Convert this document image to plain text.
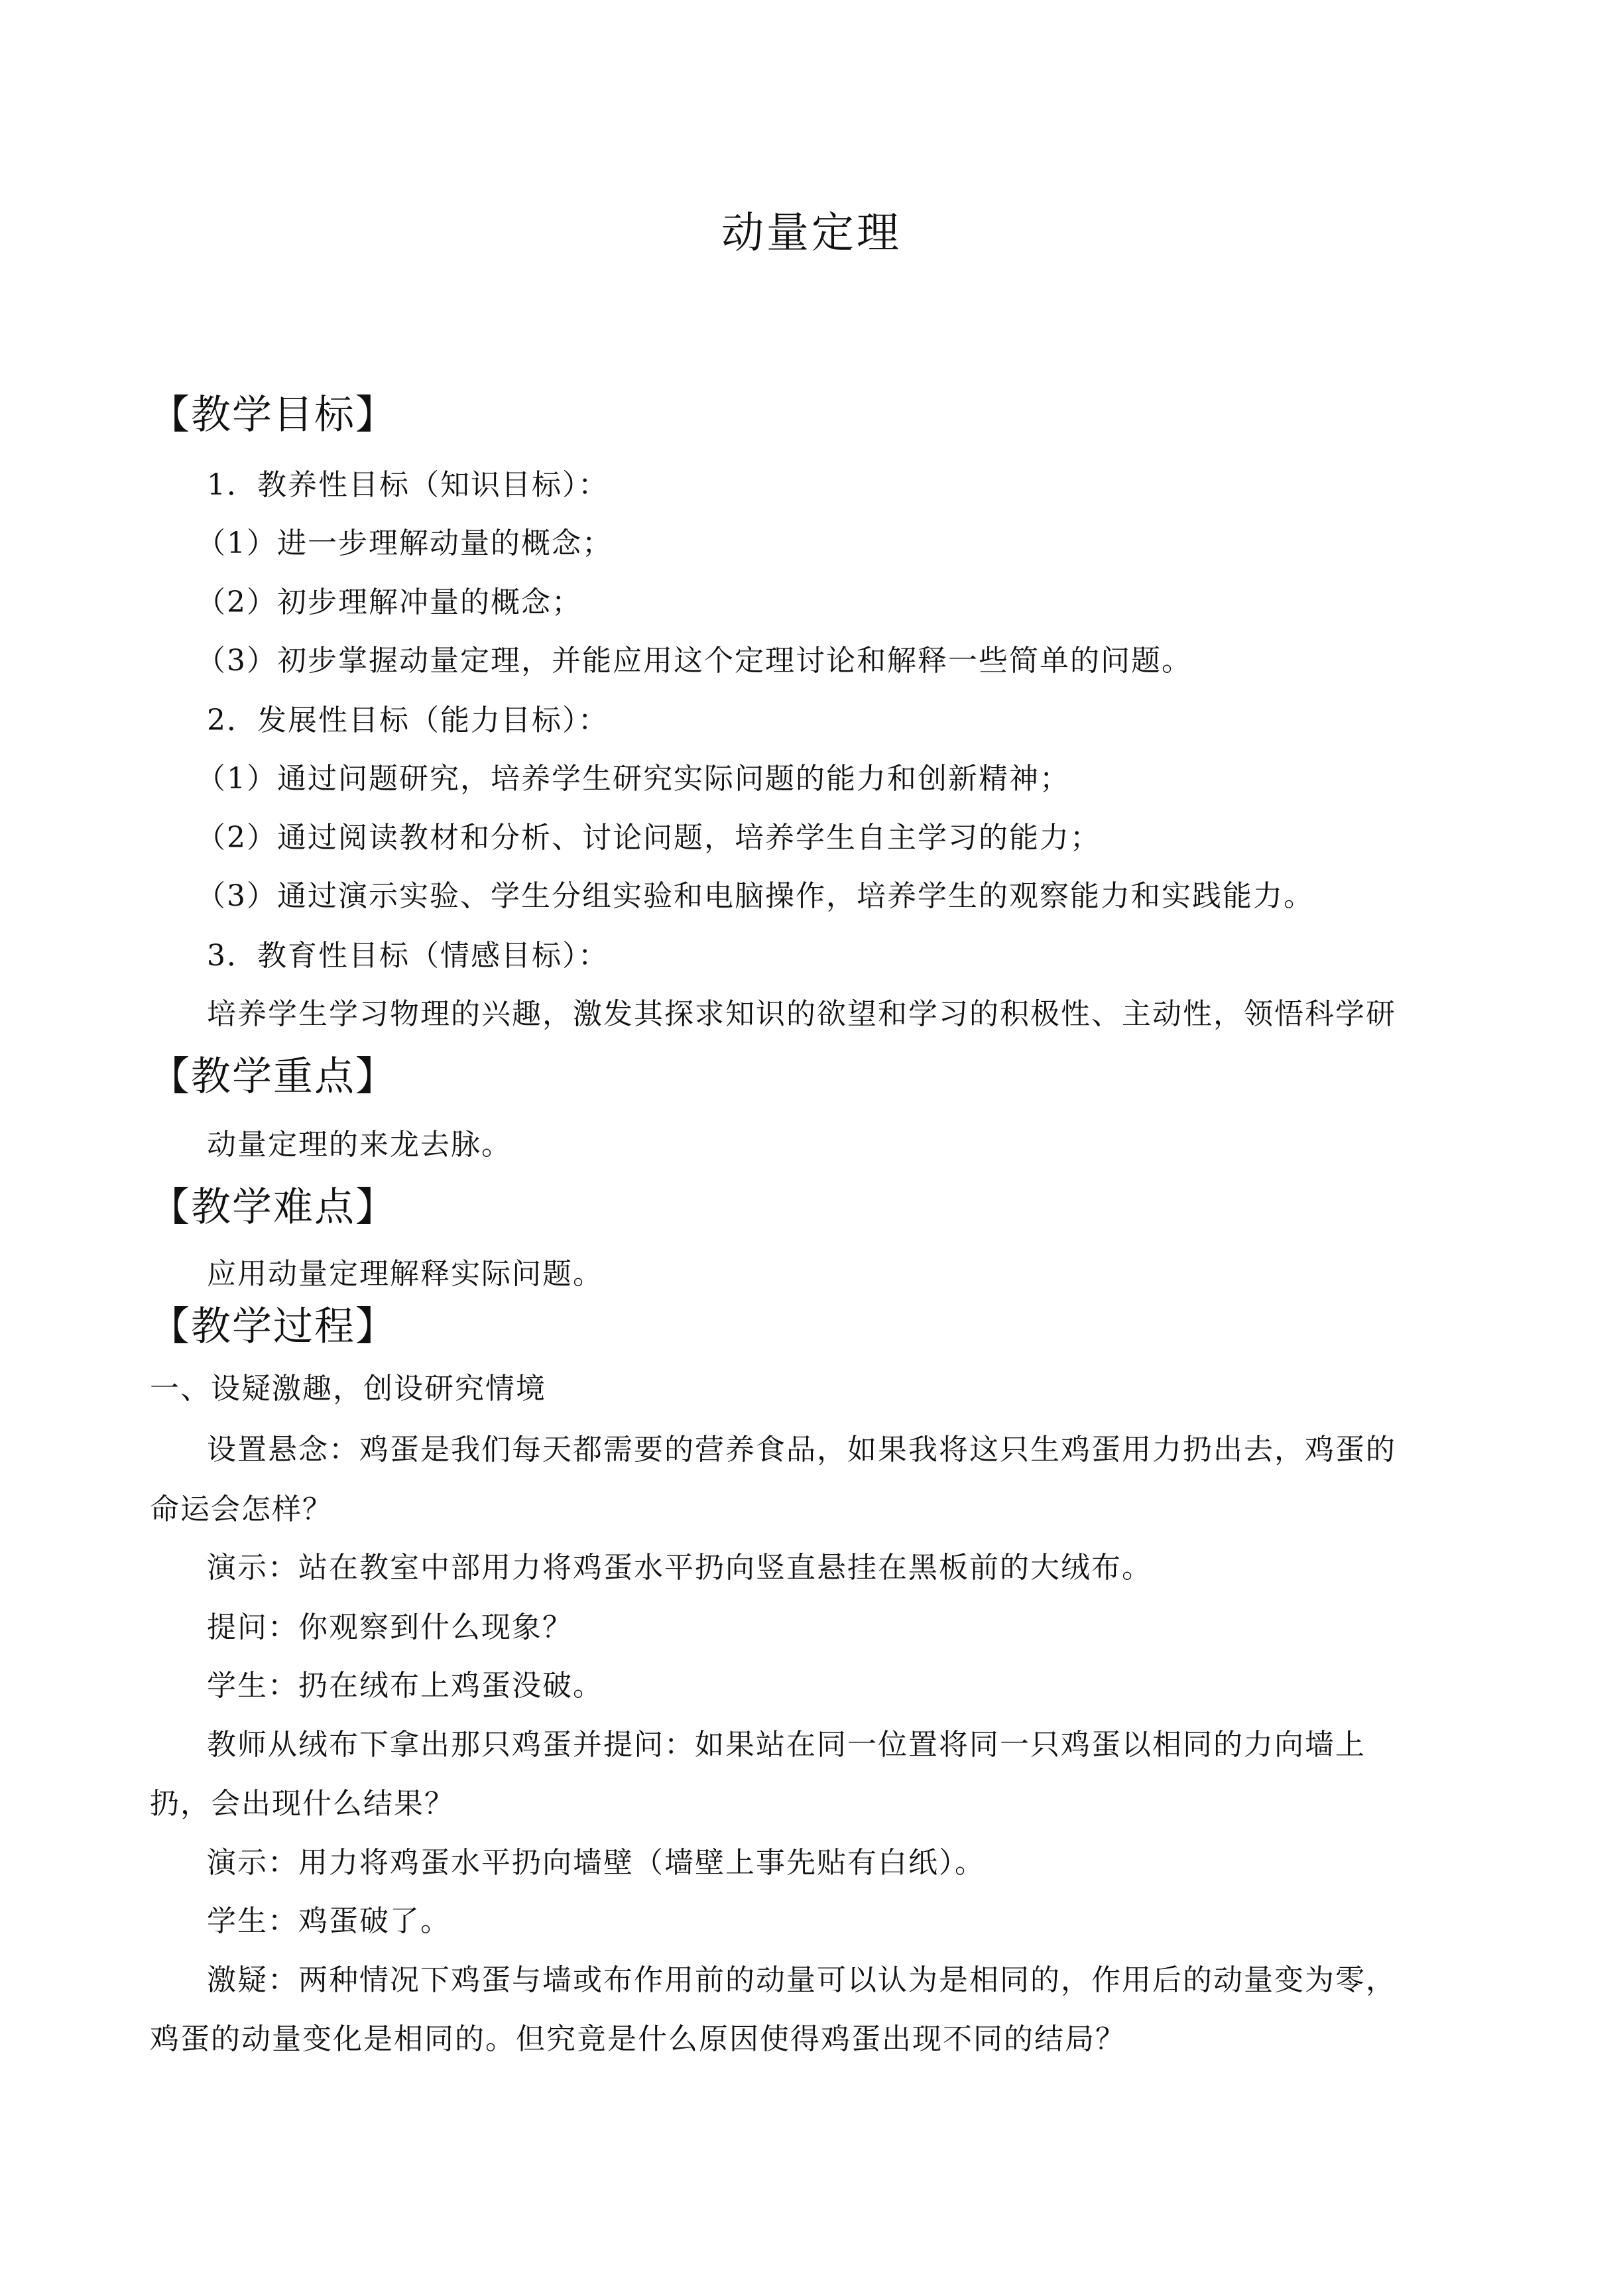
动量定理
【教学目标】
1．教养性目标（知识目标）：
（1）进一步理解动量的概念；
（2）初步理解冲量的概念；
（3）初步掌握动量定理，并能应用这个定理讨论和解释一些简单的问题。
2．发展性目标（能力目标）：
（1）通过问题研究，培养学生研究实际问题的能力和创新精神；
（2）通过阅读教材和分析、讨论问题，培养学生自主学习的能力；
（3）通过演示实验、学生分组实验和电脑操作，培养学生的观察能力和实践能力。
3．教育性目标（情感目标）：
培养学生学习物理的兴趣，激发其探求知识的欲望和学习的积极性、主动性，领悟科学研
【教学重点】
动量定理的来龙去脉。
【教学难点】
应用动量定理解释实际问题。
【教学过程】
一、设疑激趣，创设研究情境
设置悬念：鸡蛋是我们每天都需要的营养食品，如果我将这只生鸡蛋用力扔出去，鸡蛋的
命运会怎样？
演示：站在教室中部用力将鸡蛋水平扔向竖直悬挂在黑板前的大绒布。
提问：你观察到什么现象？
学生：扔在绒布上鸡蛋没破。
教师从绒布下拿出那只鸡蛋并提问：如果站在同一位置将同一只鸡蛋以相同的力向墙上
扔，会出现什么结果？
演示：用力将鸡蛋水平扔向墙壁（墙壁上事先贴有白纸）。
学生：鸡蛋破了。
激疑：两种情况下鸡蛋与墙或布作用前的动量可以认为是相同的，作用后的动量变为零，
鸡蛋的动量变化是相同的。但究竟是什么原因使得鸡蛋出现不同的结局？
